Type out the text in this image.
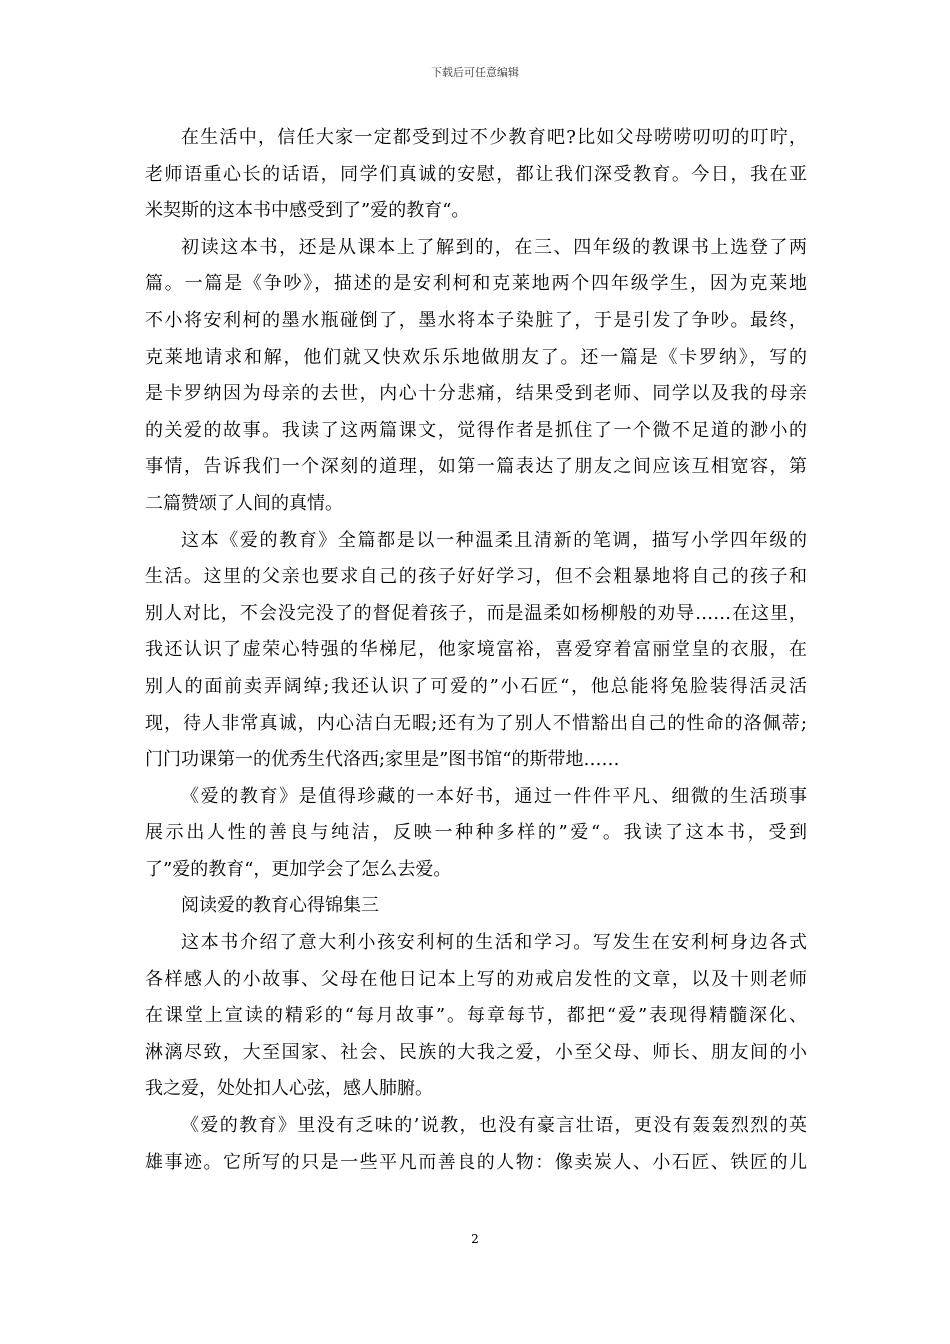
下载后可任意编辑
在生活中，信任大家一定都受到过不少教育吧?比如父母唠唠叨叨的叮咛，
老师语重心长的话语，同学们真诚的安慰，都让我们深受教育。今日，我在亚
米契斯的这本书中感受到了”爱的教育“。
初读这本书，还是从课本上了解到的，在三、四年级的教课书上选登了两
篇。一篇是《争吵》，描述的是安利柯和克莱地两个四年级学生，因为克莱地
不小将安利柯的墨水瓶碰倒了，墨水将本子染脏了，于是引发了争吵。最终，
克莱地请求和解，他们就又快欢乐乐地做朋友了。还一篇是《卡罗纳》，写的
是卡罗纳因为母亲的去世，内心十分悲痛，结果受到老师、同学以及我的母亲
的关爱的故事。我读了这两篇课文，觉得作者是抓住了一个微不足道的渺小的
事情，告诉我们一个深刻的道理，如第一篇表达了朋友之间应该互相宽容，第
二篇赞颂了人间的真情。
这本《爱的教育》全篇都是以一种温柔且清新的笔调，描写小学四年级的
生活。这里的父亲也要求自己的孩子好好学习，但不会粗暴地将自己的孩子和
别人对比，不会没完没了的督促着孩子，而是温柔如杨柳般的劝导……在这里，
我还认识了虚荣心特强的华梯尼，他家境富裕，喜爱穿着富丽堂皇的衣服，在
别人的面前卖弄阔绰;我还认识了可爱的”小石匠“，他总能将兔脸装得活灵活
现，待人非常真诚，内心洁白无暇;还有为了别人不惜豁出自己的性命的洛佩蒂;
门门功课第一的优秀生代洛西;家里是”图书馆“的斯带地……
《爱的教育》是值得珍藏的一本好书，通过一件件平凡、细微的生活琐事
展示出人性的善良与纯洁，反映一种种多样的”爱“。我读了这本书，受到
了”爱的教育“，更加学会了怎么去爱。
阅读爱的教育心得锦集三
这本书介绍了意大利小孩安利柯的生活和学习。写发生在安利柯身边各式
各样感人的小故事、父母在他日记本上写的劝戒启发性的文章，以及十则老师
在课堂上宣读的精彩的“每月故事”。每章每节，都把“爱”表现得精髓深化、
淋漓尽致，大至国家、社会、民族的大我之爱，小至父母、师长、朋友间的小
我之爱，处处扣人心弦，感人肺腑。
《爱的教育》里没有乏味的’说教，也没有豪言壮语，更没有轰轰烈烈的英
雄事迹。它所写的只是一些平凡而善良的人物：像卖炭人、小石匠、铁匠的儿
2
